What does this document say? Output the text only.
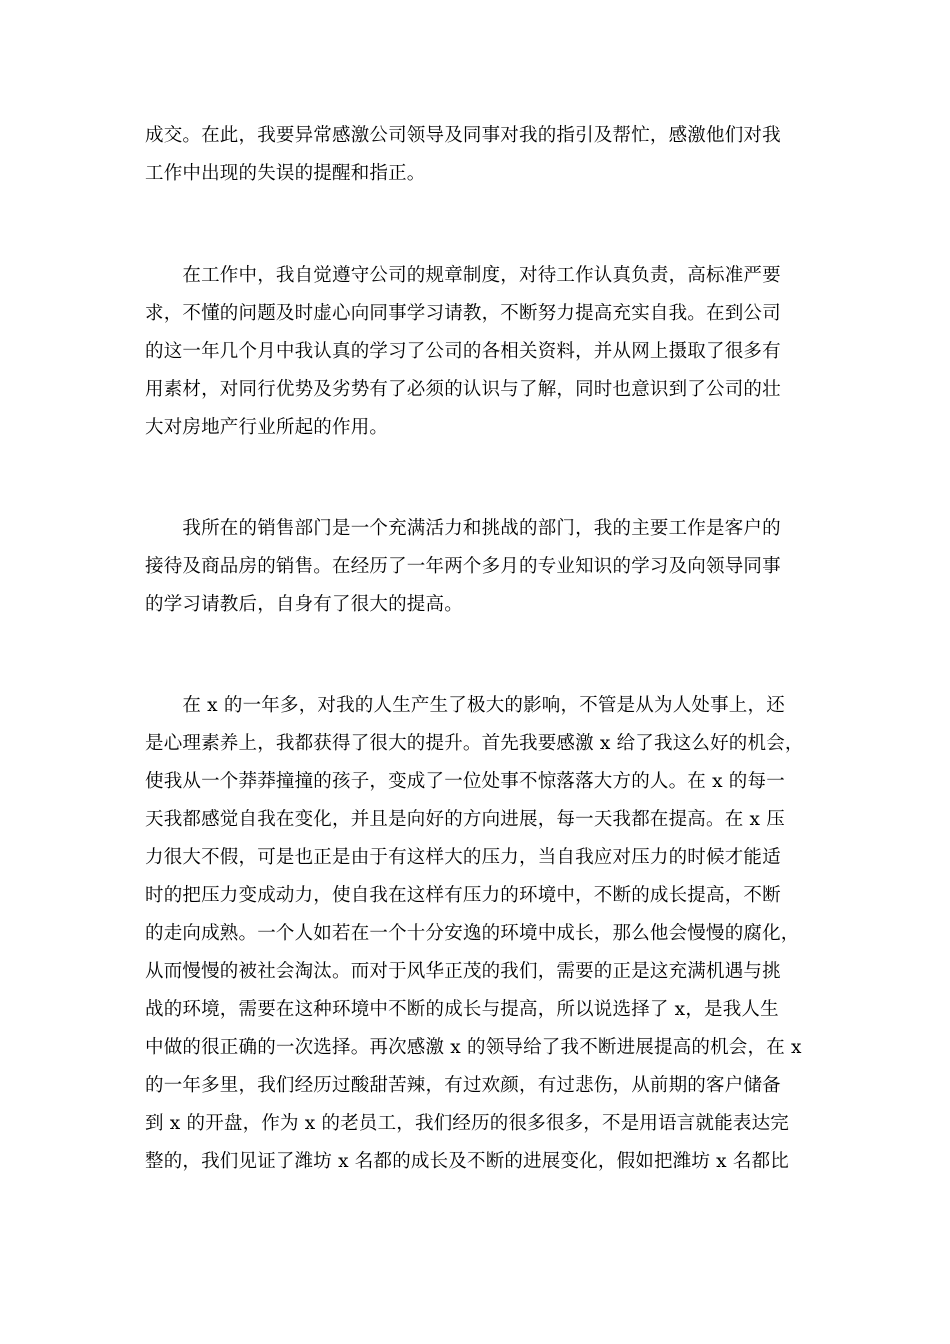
成交。在此，我要异常感激公司领导及同事对我的指引及帮忙，感激他们对我
工作中出现的失误的提醒和指正。
　　在工作中，我自觉遵守公司的规章制度，对待工作认真负责，高标准严要
求，不懂的问题及时虚心向同事学习请教，不断努力提高充实自我。在到公司
的这一年几个月中我认真的学习了公司的各相关资料，并从网上摄取了很多有
用素材，对同行优势及劣势有了必须的认识与了解，同时也意识到了公司的壮
大对房地产行业所起的作用。
　　我所在的销售部门是一个充满活力和挑战的部门，我的主要工作是客户的
接待及商品房的销售。在经历了一年两个多月的专业知识的学习及向领导同事
的学习请教后，自身有了很大的提高。
　　在 x 的一年多，对我的人生产生了极大的影响，不管是从为人处事上，还
是心理素养上，我都获得了很大的提升。首先我要感激 x 给了我这么好的机会，
使我从一个莽莽撞撞的孩子，变成了一位处事不惊落落大方的人。在 x 的每一
天我都感觉自我在变化，并且是向好的方向进展，每一天我都在提高。在 x 压
力很大不假，可是也正是由于有这样大的压力，当自我应对压力的时候才能适
时的把压力变成动力，使自我在这样有压力的环境中，不断的成长提高，不断
的走向成熟。一个人如若在一个十分安逸的环境中成长，那么他会慢慢的腐化，
从而慢慢的被社会淘汰。而对于风华正茂的我们，需要的正是这充满机遇与挑
战的环境，需要在这种环境中不断的成长与提高，所以说选择了 x，是我人生
中做的很正确的一次选择。再次感激 x 的领导给了我不断进展提高的机会，在 x
的一年多里，我们经历过酸甜苦辣，有过欢颜，有过悲伤，从前期的客户储备
到 x 的开盘，作为 x 的老员工，我们经历的很多很多，不是用语言就能表达完
整的，我们见证了潍坊 x 名都的成长及不断的进展变化，假如把潍坊 x 名都比
